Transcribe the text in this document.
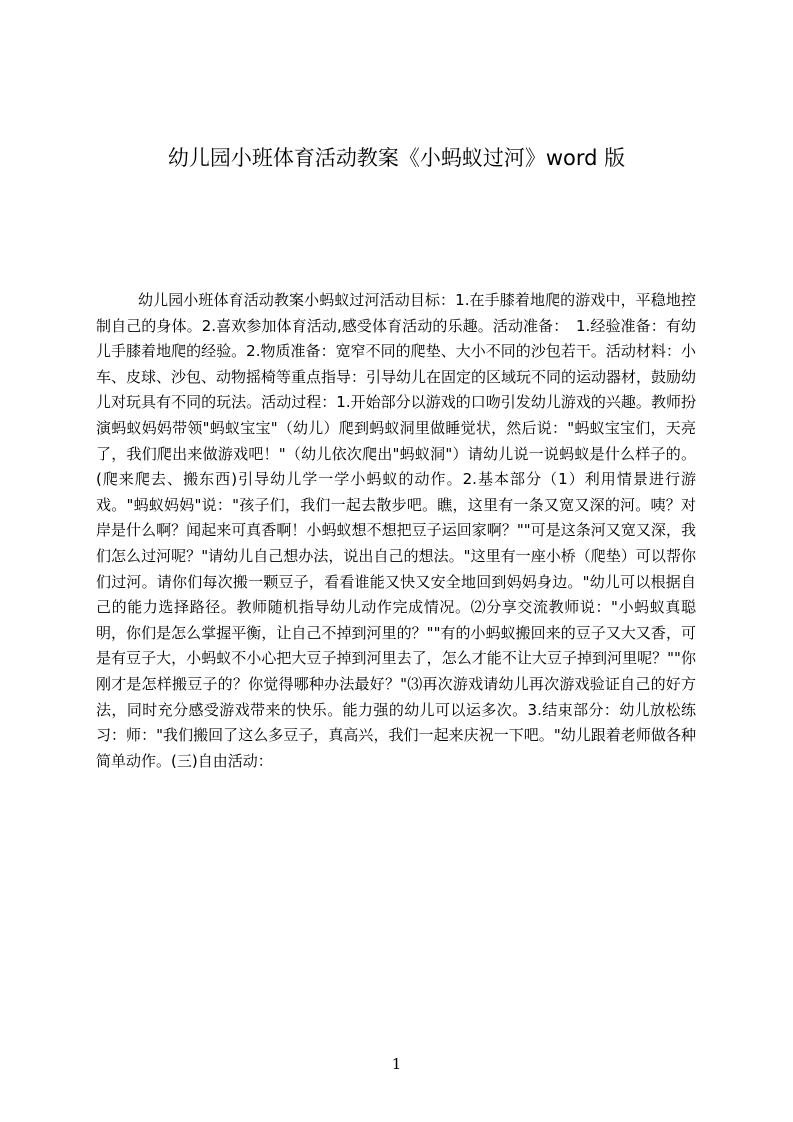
幼儿园小班体育活动教案《小蚂蚁过河》word 版

幼儿园小班体育活动教案小蚂蚁过河活动目标：1.在手膝着地爬的游戏中，平稳地控制自己的身体。2.喜欢参加体育活动,感受体育活动的乐趣。活动准备：　1.经验准备：有幼儿手膝着地爬的经验。2.物质准备：宽窄不同的爬垫、大小不同的沙包若干。活动材料：小车、皮球、沙包、动物摇椅等重点指导：引导幼儿在固定的区域玩不同的运动器材，鼓励幼儿对玩具有不同的玩法。活动过程：1.开始部分以游戏的口吻引发幼儿游戏的兴趣。教师扮演蚂蚁妈妈带领"蚂蚁宝宝"（幼儿）爬到蚂蚁洞里做睡觉状，然后说："蚂蚁宝宝们，天亮了，我们爬出来做游戏吧！"（幼儿依次爬出"蚂蚁洞"）请幼儿说一说蚂蚁是什么样子的。(爬来爬去、搬东西)引导幼儿学一学小蚂蚁的动作。2.基本部分（1）利用情景进行游戏。"蚂蚁妈妈"说："孩子们，我们一起去散步吧。瞧，这里有一条又宽又深的河。咦？对岸是什么啊？闻起来可真香啊！小蚂蚁想不想把豆子运回家啊？""可是这条河又宽又深，我们怎么过河呢？"请幼儿自己想办法，说出自己的想法。"这里有一座小桥（爬垫）可以帮你们过河。请你们每次搬一颗豆子，看看谁能又快又安全地回到妈妈身边。"幼儿可以根据自己的能力选择路径。教师随机指导幼儿动作完成情况。⑵分享交流教师说："小蚂蚁真聪明，你们是怎么掌握平衡，让自己不掉到河里的？""有的小蚂蚁搬回来的豆子又大又香，可是有豆子大，小蚂蚁不小心把大豆子掉到河里去了，怎么才能不让大豆子掉到河里呢？""你刚才是怎样搬豆子的？你觉得哪种办法最好？"⑶再次游戏请幼儿再次游戏验证自己的好方法，同时充分感受游戏带来的快乐。能力强的幼儿可以运多次。3.结束部分：幼儿放松练习：师："我们搬回了这么多豆子，真高兴，我们一起来庆祝一下吧。"幼儿跟着老师做各种简单动作。(三)自由活动：

1
